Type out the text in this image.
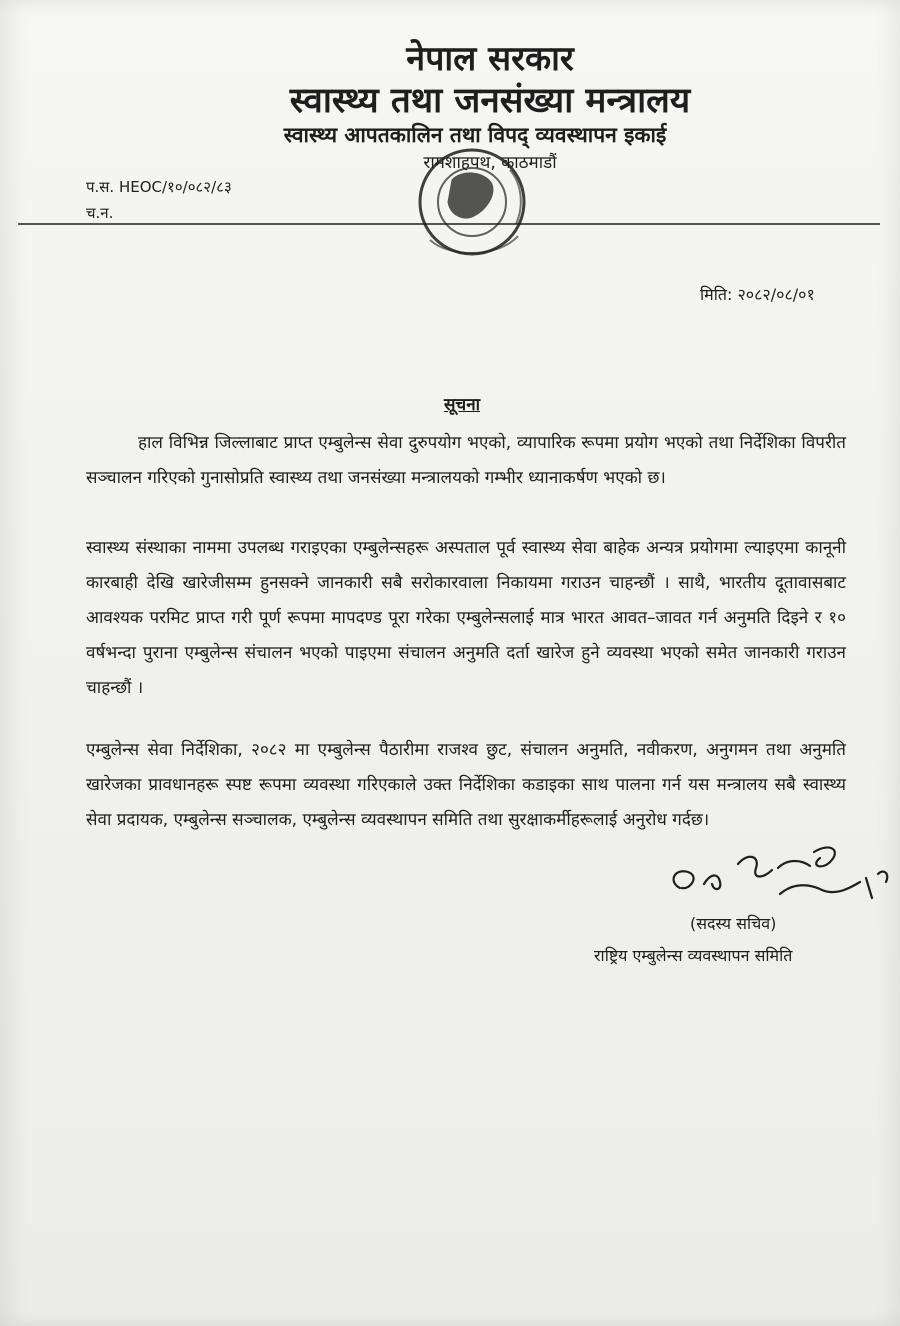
नेपाल सरकार
स्वास्थ्य तथा जनसंख्या मन्त्रालय
स्वास्थ्य आपतकालिन तथा विपद् व्यवस्थापन इकाई
रामशाहपथ, काठमाडौं
प.स. HEOC/१०/०८२/८३
च.न.
मिति: २०८२/०८/०१
सूचना
हाल विभिन्न जिल्लाबाट प्राप्त एम्बुलेन्स सेवा दुरुपयोग भएको, व्यापारिक रूपमा प्रयोग भएको तथा निर्देशिका विपरीत सञ्चालन गरिएको गुनासोप्रति स्वास्थ्य तथा जनसंख्या मन्त्रालयको गम्भीर ध्यानाकर्षण भएको छ।
स्वास्थ्य संस्थाका नाममा उपलब्ध गराइएका एम्बुलेन्सहरू अस्पताल पूर्व स्वास्थ्य सेवा बाहेक अन्यत्र प्रयोगमा ल्याइएमा कानूनी कारबाही देखि खारेजीसम्म हुनसक्ने जानकारी सबै सरोकारवाला निकायमा गराउन चाहन्छौं । साथै, भारतीय दूतावासबाट आवश्यक परमिट प्राप्त गरी पूर्ण रूपमा मापदण्ड पूरा गरेका एम्बुलेन्सलाई मात्र भारत आवत–जावत गर्न अनुमति दिइने र १० वर्षभन्दा पुराना एम्बुलेन्स संचालन भएको पाइएमा संचालन अनुमति दर्ता खारेज हुने व्यवस्था भएको समेत जानकारी गराउन चाहन्छौं ।
एम्बुलेन्स सेवा निर्देशिका, २०८२ मा एम्बुलेन्स पैठारीमा राजश्व छुट, संचालन अनुमति, नवीकरण, अनुगमन तथा अनुमति खारेजका प्रावधानहरू स्पष्ट रूपमा व्यवस्था गरिएकाले उक्त निर्देशिका कडाइका साथ पालना गर्न यस मन्त्रालय सबै स्वास्थ्य सेवा प्रदायक, एम्बुलेन्स सञ्चालक, एम्बुलेन्स व्यवस्थापन समिति तथा सुरक्षाकर्मीहरूलाई अनुरोध गर्दछ।
(सदस्य सचिव)
राष्ट्रिय एम्बुलेन्स व्यवस्थापन समिति
